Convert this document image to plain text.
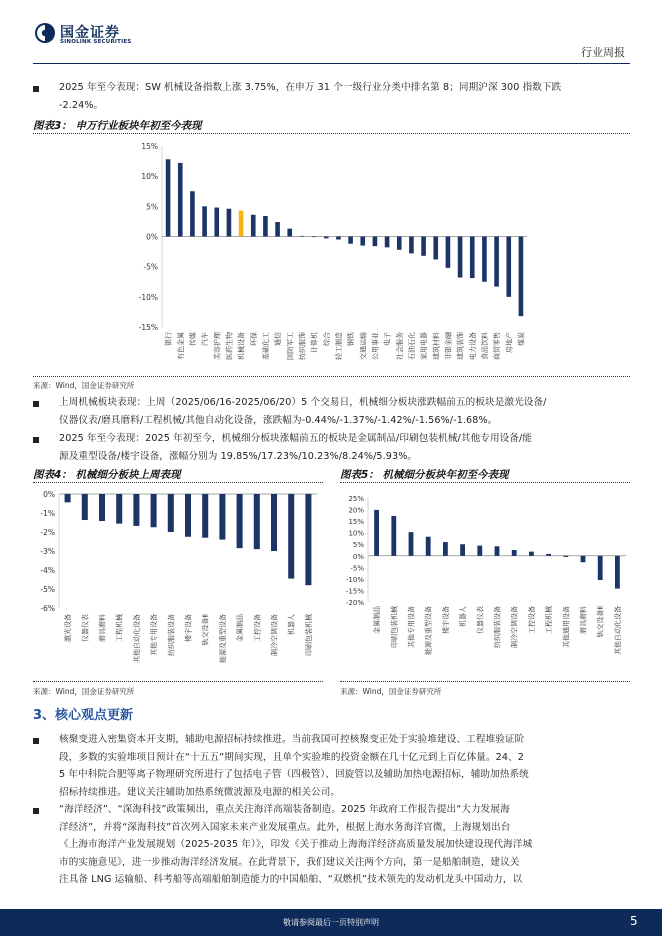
国金证券
SINOLINK SECURITIES
行业周报
2025 年至今表现：SW 机械设备指数上涨 3.75%，在申万 31 个一级行业分类中排名第 8；同期沪深 300 指数下跌
-2.24%。
图表3： 申万行业板块年初至今表现
15%
10%
5%
0%
-5%
-10%
-15%
银行 有色金属 传媒 汽车 美容护理 医药生物 机械设备 环保 基础化工 通信 国防军工 纺织服饰 计算机 综合 轻工制造 钢铁 交通运输 公用事业 电子 社会服务 石油石化 家用电器 建筑材料 非银金融 建筑装饰 电力设备 食品饮料 商贸零售 房地产 煤炭
来源：Wind，国金证券研究所
上周机械板块表现：上周（2025/06/16-2025/06/20）5 个交易日，机械细分板块涨跌幅前五的板块是激光设备/
仪器仪表/磨具磨料/工程机械/其他自动化设备，涨跌幅为-0.44%/-1.37%/-1.42%/-1.56%/-1.68%。
2025 年至今表现：2025 年初至今，机械细分板块涨幅前五的板块是金属制品/印刷包装机械/其他专用设备/能
源及重型设备/楼宇设备，涨幅分别为 19.85%/17.23%/10.23%/8.24%/5.93%。
图表4： 机械细分板块上周表现	图表5： 机械细分板块年初至今表现
0%
-1%
-2%
-3%
-4%
-5%
-6%
激光设备 仪器仪表 磨具磨料 工程机械 其他自动化设备 其他专用设备 纺织服装设备 楼宇设备 轨交设备Ⅱ 能源及重型设备 金属制品 工控设备 制冷空调设备 机器人 印刷包装机械
25%
20%
15%
10%
5%
0%
-5%
-10%
-15%
-20%
金属制品 印刷包装机械 其他专用设备 能源及重型设备 楼宇设备 机器人 仪器仪表 纺织服装设备 制冷空调设备 工控设备 工程机械 其他通用设备 磨具磨料 轨交设备Ⅱ 其他自动化设备
来源：Wind，国金证券研究所	来源：Wind，国金证券研究所
3、核心观点更新
核聚变进入密集资本开支期，辅助电源招标持续推进。当前我国可控核聚变正处于实验堆建设、工程堆验证阶
段，多数的实验堆项目预计在“十五五”期间实现，且单个实验堆的投资金额在几十亿元到上百亿体量。24、2
5 年中科院合肥等离子物理研究所进行了包括电子管（四极管）、回旋管以及辅助加热电源招标，辅助加热系统
招标持续推进。建议关注辅助加热系统微波源及电源的相关公司。
“海洋经济”、“深海科技”政策频出，重点关注海洋高端装备制造。2025 年政府工作报告提出“大力发展海
洋经济”，并将“深海科技”首次列入国家未来产业发展重点。此外，根据上海水务海洋官微，上海规划出台
《上海市海洋产业发展规划（2025-2035 年）》，印发《关于推动上海海洋经济高质量发展加快建设现代海洋城
市的实施意见》，进一步推动海洋经济发展。在此背景下，我们建议关注两个方向，第一是船舶制造，建议关
注具备 LNG 运输船、科考船等高端船舶制造能力的中国船舶、“双燃机”技术领先的发动机龙头中国动力，以
敬请参阅最后一页特别声明	5
